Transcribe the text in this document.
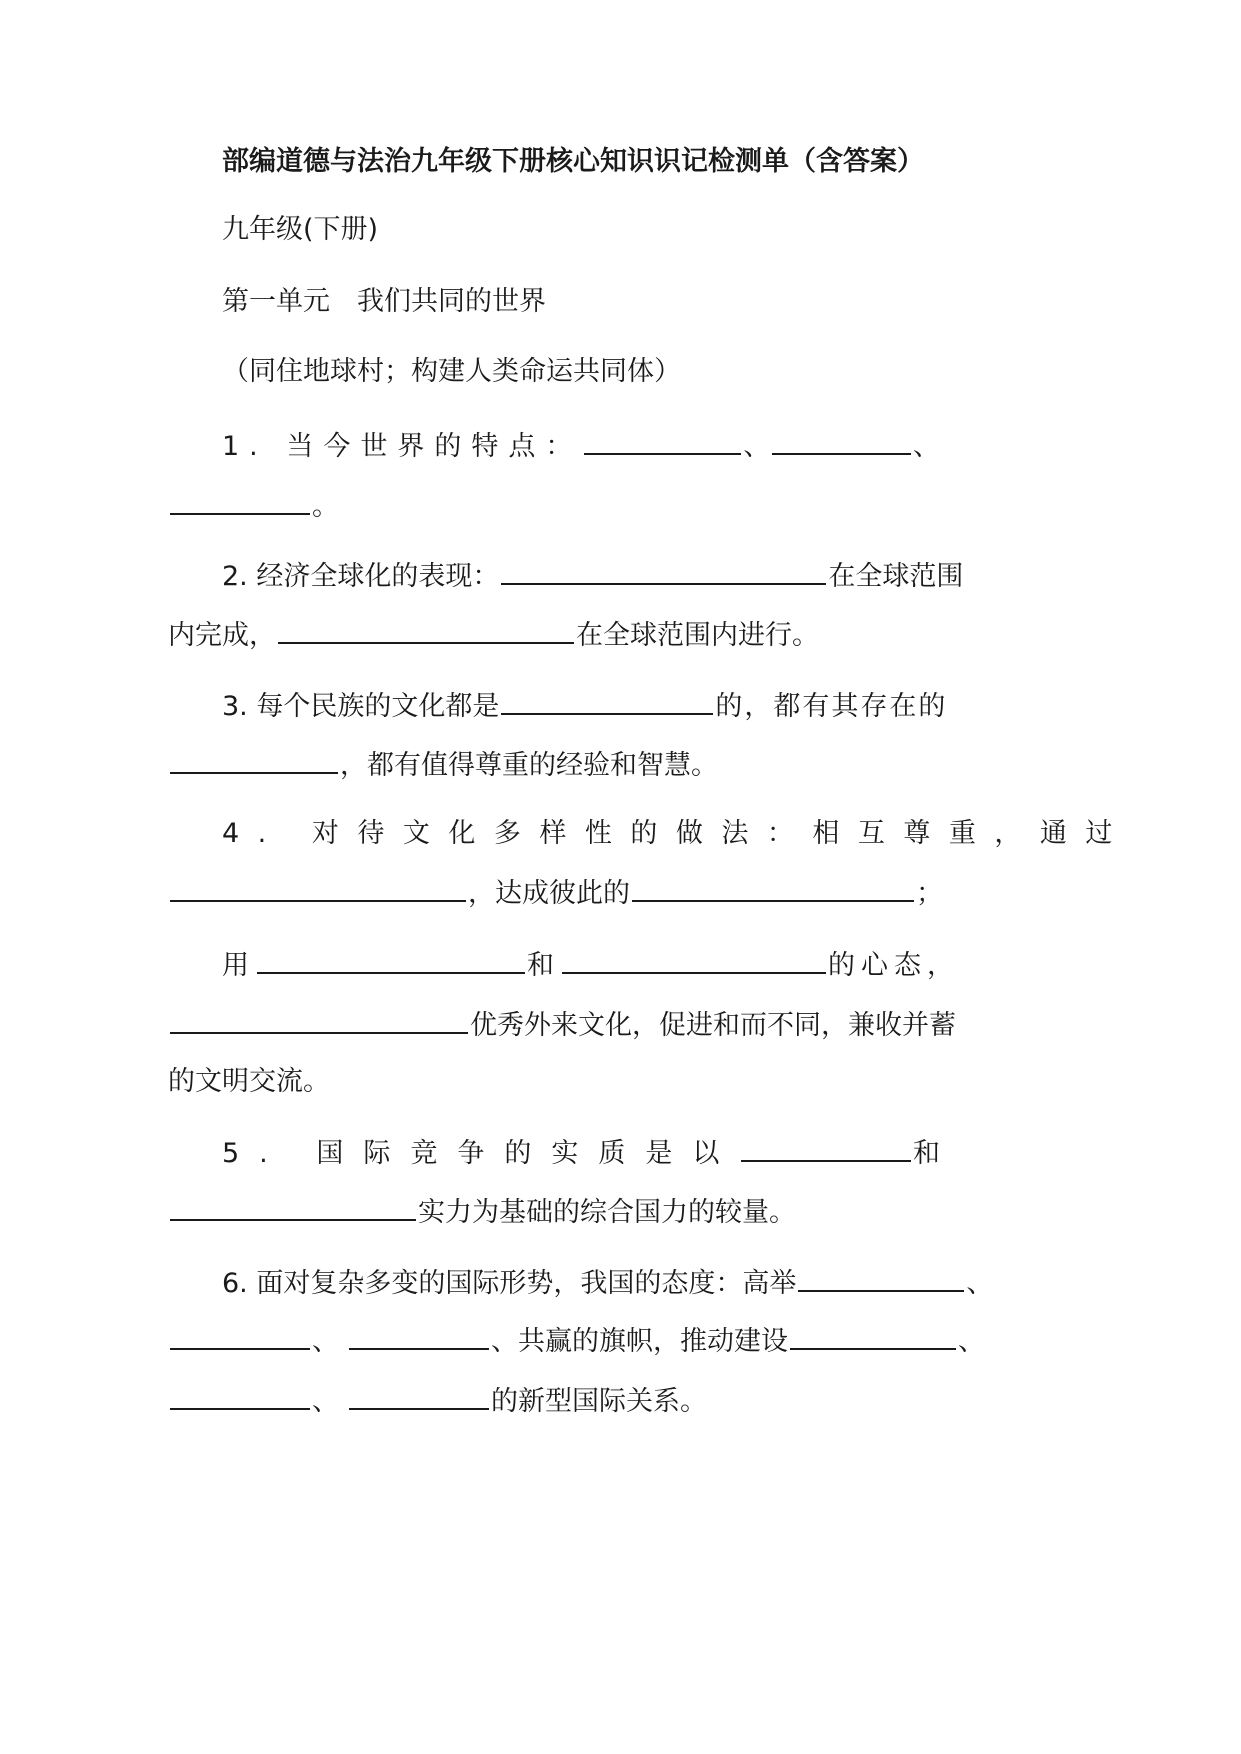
部编道德与法治九年级下册核心知识识记检测单（含答案）
九年级(下册)
第一单元　我们共同的世界
（同住地球村；构建人类命运共同体）
1. 当今世界的特点：	、	、
。
2. 经济全球化的表现：	在全球范围
内完成，	在全球范围内进行。
3. 每个民族的文化都是	的，都有其存在的
，都有值得尊重的经验和智慧。
4. 对待文化多样性的做法：相互尊重，通过
，达成彼此的	；
用	和	的心态，
优秀外来文化，促进和而不同，兼收并蓄
的文明交流。
5. 国际竞争的实质是以	和
实力为基础的综合国力的较量。
6. 面对复杂多变的国际形势，我国的态度：高举	、
、	、共赢的旗帜，推动建设	、
、	的新型国际关系。
